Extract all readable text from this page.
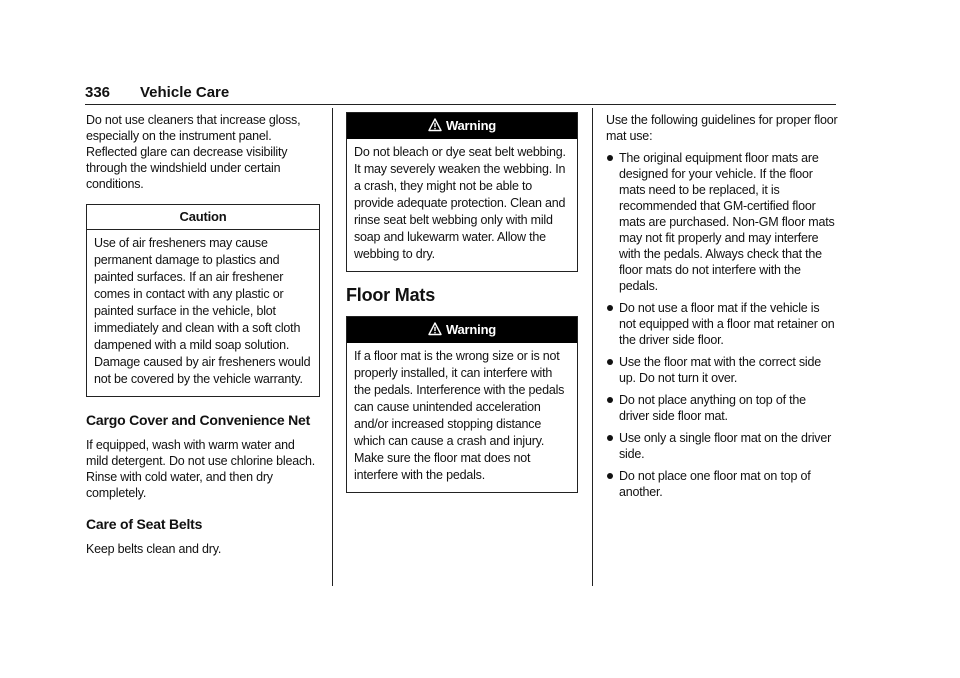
336 Vehicle Care

Do not use cleaners that increase gloss, especially on the instrument panel. Reflected glare can decrease visibility through the windshield under certain conditions.

Caution
Use of air fresheners may cause permanent damage to plastics and painted surfaces. If an air freshener comes in contact with any plastic or painted surface in the vehicle, blot immediately and clean with a soft cloth dampened with a mild soap solution. Damage caused by air fresheners would not be covered by the vehicle warranty.
Cargo Cover and Convenience Net

If equipped, wash with warm water and mild detergent. Do not use chlorine bleach. Rinse with cold water, and then dry completely.

Care of Seat Belts

Keep belts clean and dry.

Warning
Do not bleach or dye seat belt webbing. It may severely weaken the webbing. In a crash, they might not be able to provide adequate protection. Clean and rinse seat belt webbing only with mild soap and lukewarm water. Allow the webbing to dry.
Floor Mats
Warning
If a floor mat is the wrong size or is not properly installed, it can interfere with the pedals. Interference with the pedals can cause unintended acceleration and/or increased stopping distance which can cause a crash and injury. Make sure the floor mat does not interfere with the pedals.

Use the following guidelines for proper floor mat use:

The original equipment floor mats are designed for your vehicle. If the floor mats need to be replaced, it is recommended that GM-certified floor mats are purchased. Non-GM floor mats may not fit properly and may interfere with the pedals. Always check that the floor mats do not interfere with the pedals.
Do not use a floor mat if the vehicle is not equipped with a floor mat retainer on the driver side floor.
Use the floor mat with the correct side up. Do not turn it over.
Do not place anything on top of the driver side floor mat.
Use only a single floor mat on the driver side.
Do not place one floor mat on top of another.
